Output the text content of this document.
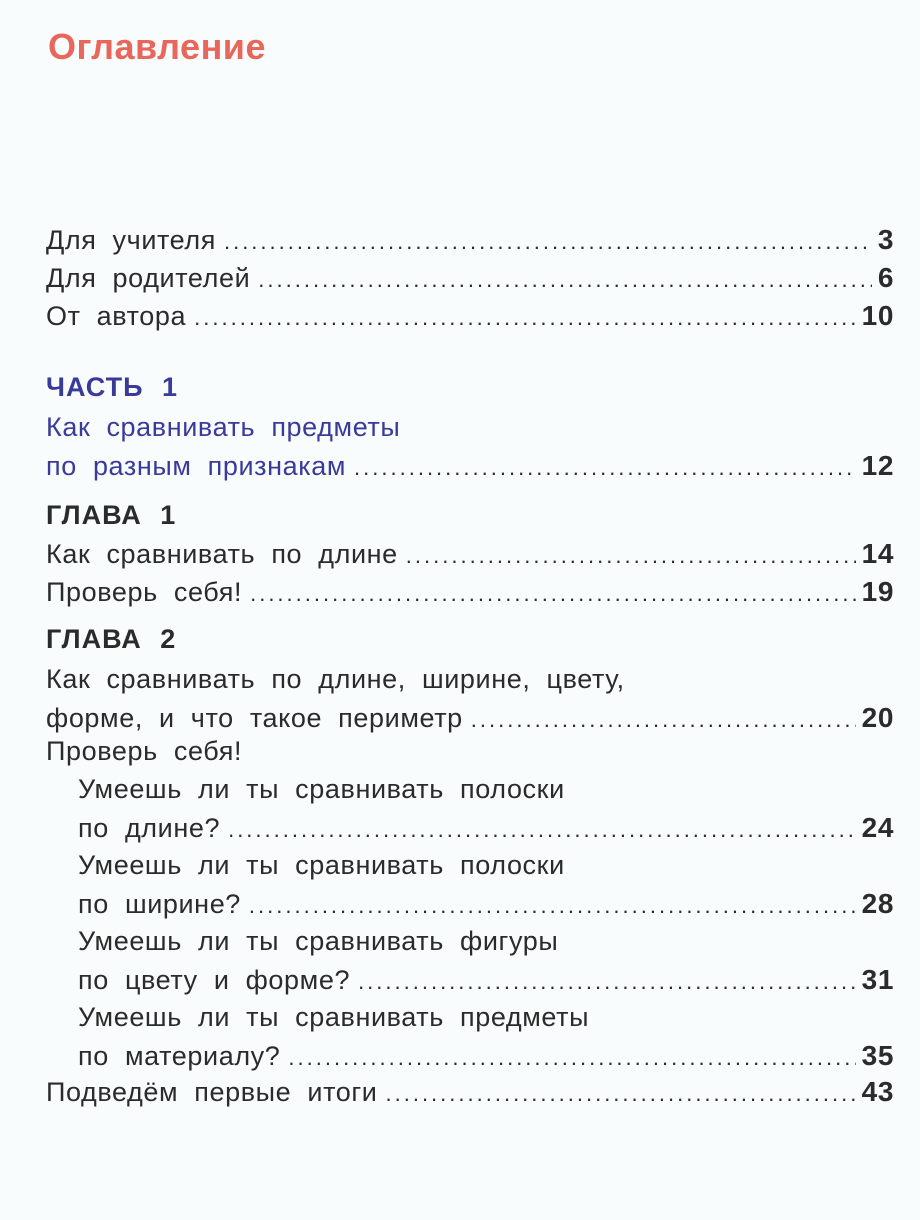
Оглавление
Для учителя .....	3
Для родителей .....	6
От автора .....	10
ЧАСТЬ 1
Как сравнивать предметы
по разным признакам .....	12
ГЛАВА 1
Как сравнивать по длине .....	14
Проверь себя! .....	19
ГЛАВА 2
Как сравнивать по длине, ширине, цвету,
форме, и что такое периметр .....	20
Проверь себя!
Умеешь ли ты сравнивать полоски
по длине? .....	24
Умеешь ли ты сравнивать полоски
по ширине? .....	28
Умеешь ли ты сравнивать фигуры
по цвету и форме? .....	31
Умеешь ли ты сравнивать предметы
по материалу? .....	35
Подведём первые итоги .....	43
